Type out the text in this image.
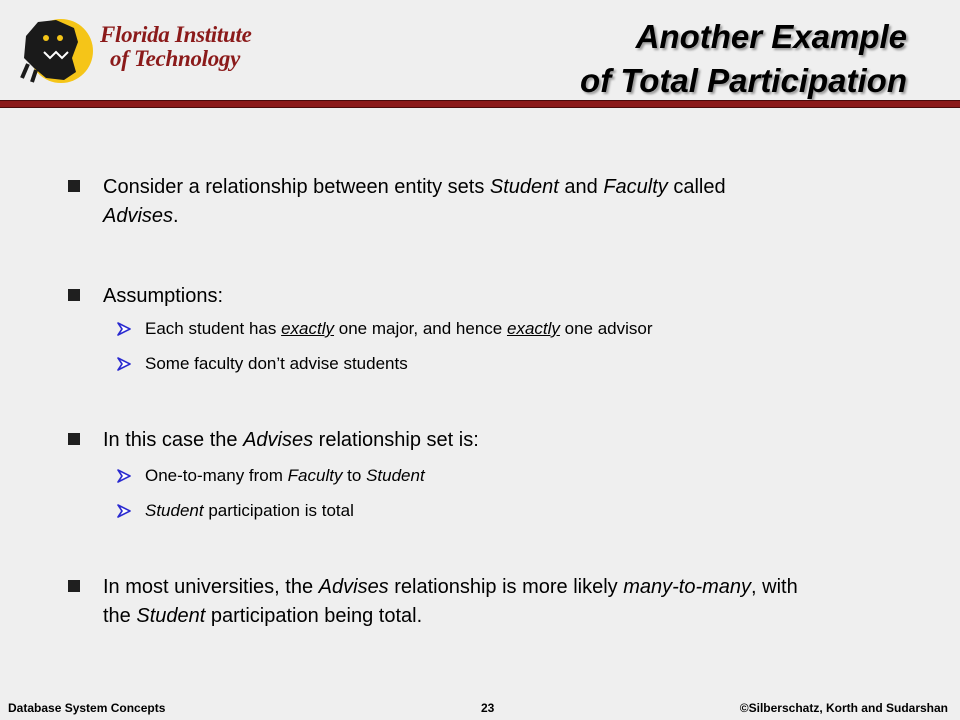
Florida Institute
of Technology
Another Example
of Total Participation
Consider a relationship between entity sets Student and Faculty called Advises.
Assumptions:
Each student has exactly one major, and hence exactly one advisor
Some faculty don’t advise students
In this case the Advises relationship set is:
One-to-many from Faculty to Student
Student participation is total
In most universities, the Advises relationship is more likely many-to-many, with the Student participation being total.
Database System Concepts	23	©Silberschatz, Korth and Sudarshan
